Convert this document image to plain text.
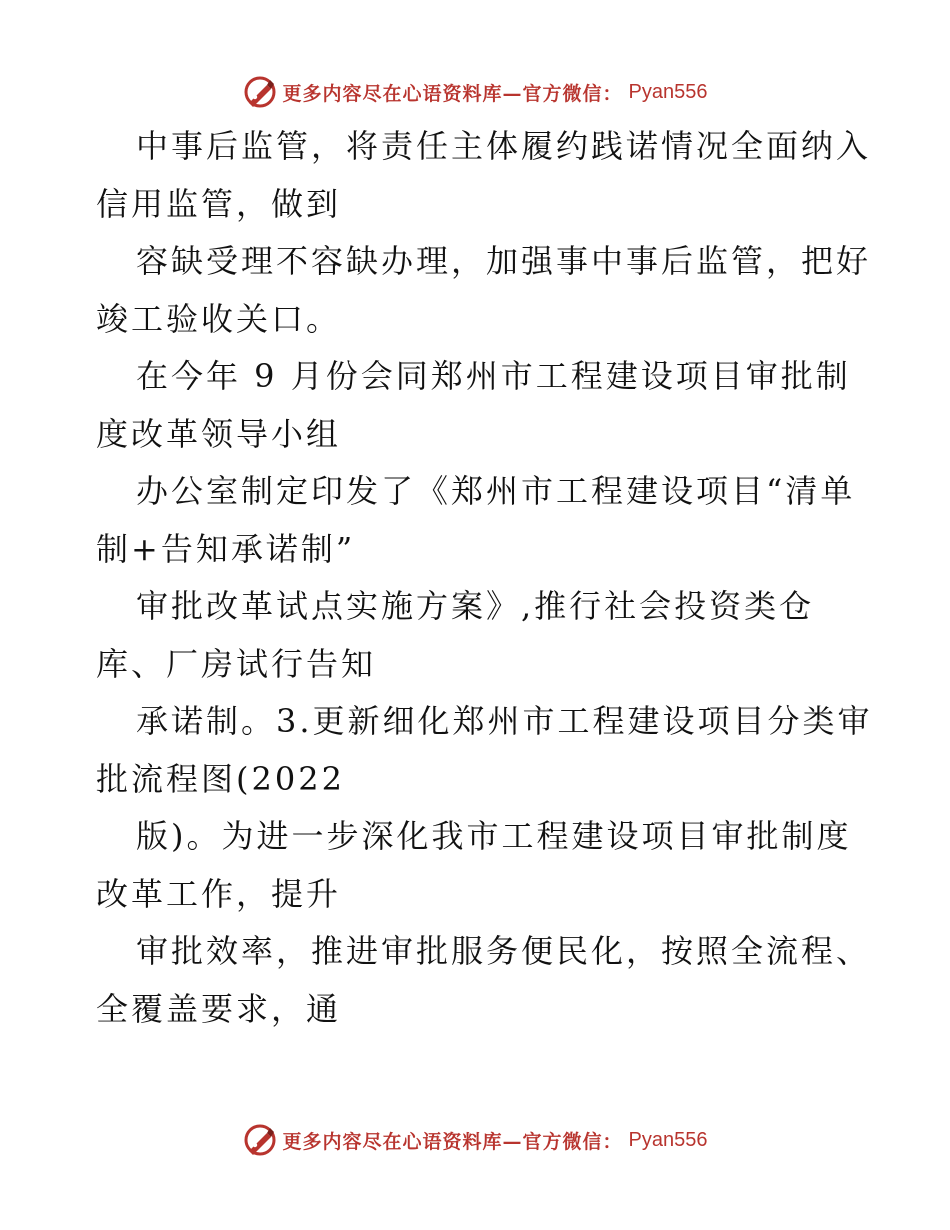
更多内容尽在心语资料库—官方微信： Pyan556
中事后监管，将责任主体履约践诺情况全面纳入
信用监管，做到
容缺受理不容缺办理，加强事中事后监管，把好
竣工验收关口。
在今年 9 月份会同郑州市工程建设项目审批制
度改革领导小组
办公室制定印发了《郑州市工程建设项目“清单
制+告知承诺制”
审批改革试点实施方案》,推行社会投资类仓
库、厂房试行告知
承诺制。3.更新细化郑州市工程建设项目分类审
批流程图(2022
版)。为进一步深化我市工程建设项目审批制度
改革工作，提升
审批效率，推进审批服务便民化，按照全流程、
全覆盖要求，通
更多内容尽在心语资料库—官方微信： Pyan556
